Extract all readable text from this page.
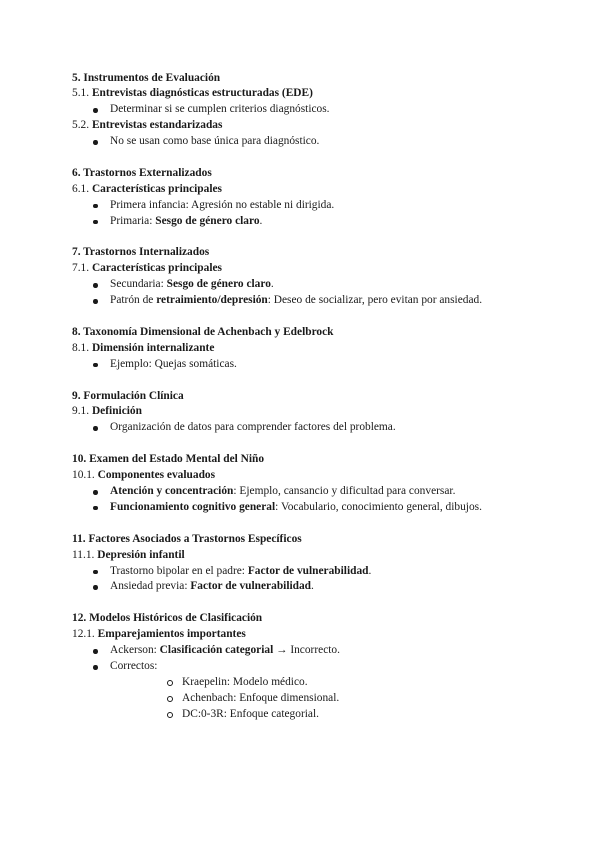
5. Instrumentos de Evaluación

5.1. Entrevistas diagnósticas estructuradas (EDE)

Determinar si se cumplen criterios diagnósticos.

5.2. Entrevistas estandarizadas

No se usan como base única para diagnóstico.

6. Trastornos Externalizados

6.1. Características principales

Primera infancia: Agresión no estable ni dirigida.
Primaria: Sesgo de género claro.

7. Trastornos Internalizados

7.1. Características principales

Secundaria: Sesgo de género claro.
Patrón de retraimiento/depresión: Deseo de socializar, pero evitan por ansiedad.

8. Taxonomía Dimensional de Achenbach y Edelbrock

8.1. Dimensión internalizante

Ejemplo: Quejas somáticas.

9. Formulación Clínica

9.1. Definición

Organización de datos para comprender factores del problema.

10. Examen del Estado Mental del Niño

10.1. Componentes evaluados

Atención y concentración: Ejemplo, cansancio y dificultad para conversar.
Funcionamiento cognitivo general: Vocabulario, conocimiento general, dibujos.

11. Factores Asociados a Trastornos Específicos

11.1. Depresión infantil

Trastorno bipolar en el padre: Factor de vulnerabilidad.
Ansiedad previa: Factor de vulnerabilidad.

12. Modelos Históricos de Clasificación

12.1. Emparejamientos importantes

Ackerson: Clasificación categorial → Incorrecto.
Correctos:
Kraepelin: Modelo médico.
Achenbach: Enfoque dimensional.
DC:0-3R: Enfoque categorial.
